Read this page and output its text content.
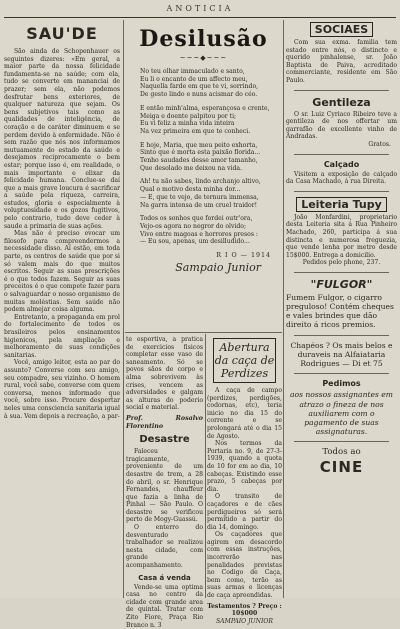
ANOTICIA
SAU'DE

São ainda de Schopenhauer os seguintes dizeres: «Em geral, a maior parte da nossa felicidade fundamenta-se na saúde; com ela, tudo se converte em mananciai de prazer; sem ela, não podemos desfrutar bens exteriores, de qualquer natureza que sejam. Os bens subjetivos tais como as qualidades de inteligência, de coração e de caráter diminuem e se perdem devido à enfermidade. Não é sem razão que nós nos informamos mutuamente do estado da saúde e desejamos reciprocamente o bem estar; porque isso é, em realidade, o mais importante e elixar da felicidade humana. Conclue-se daí que a mais grave loucura é sacrificar a saúde pela riqueza, carreira, estudos, gloria e especialmente à voluptuosidade e os gozos fugitivos, pelo contrario, tudo deve ceder à saude a primaria de suas ações.

Mas não é preciso evocar um filosofo para compreendermos a necessidade disso. Aí estão, em toda parte, os centros de saúde que por si só valem mais do que muitos escritos. Seguir as suas prescrições é o que todos fazem. Seguir as suas preceitos é o que compete fazer para o salvaguardar o nosso organismo de muitas moléstias. Sem saúde não podem almejar coisa alguma.

Entretanto, a propaganda em prol do fortalecimento de todos os brasileiros pelos ensinamentos higienicos, pela ampliação e melhoramento de suas condições sanitarias.

Você, amigo leitor, esta ao par do assunto? Converse com seu amigo, seu compadre, seu vizinho. O homem rural, você sabe, converse com quem conversa, menos informado que você, sobre isso. Procure despertar neles uma consciencia sanitaria igual à sua. Vem depois a recreação, a par-

Desilusão
~~~◆~~~

No teu olhar immaculado e santo,

Eu li o encanto de um affecto meu,

Naquella farde em que te vi, sorrindo,

De gesto lindo e nuns acismar do céo.

E então minh'alma, esperançosa e crente,

Meiga e doente palpitou por ti;

Eu vi feliz a minha vida inteira

Na vez primeira em que te conheci.

E hoje, Maria, que meu peito exhorta,

Sinto que é morta esta paixão florida...

Tenho saudades desse amor tamanho,

Que desolado me deixou na vida.

Ah! tu não sabes, lindo archanjo altivo,

Qual o motivo desta minha dor...

— E, que te vejo, de ternura immensa,

Na garra intensa de um cruel traidor!

Todos os sonhos que fordei outr'ora,

Vejo-os agora no negror do olvido;

Vivo entre magoas e horrores presos :

— Eu sou, apenas, um desilludido...

R I O — 1914
Sampaio Junior

te esportiva, a pratica de exercicios fisicos completar esse vaso de saneamento. Só se povos sãos de corpo e alma sobrevivem às crises, vencem as adversidades e galgam as alturas do poderio social e material.

Prof. Rosalvo Florentino

Desastre

Faleceu tragicamente, proveniente de um desastre de trem, a 28 do abril, o sr. Henrique Fernandes, chauffeur que fazia a linha de Pinhal — São Paulo. O desastre se verificou perto de Mogy-Guassú.

O enterro do desventurado trabalhador se realizou nesta cidade, com grande acompanhamento.

Casa á venda

Vende-se uma optima casa no centro da cidade com grande area de quintal. Tratar com Zito Fiore, Praça Rio Branco n. 3

Abertura da caça de Perdizes

A caça de campo (perdizes, perdigões, codornas, etc), teria inicio no dia 15 do corrente e se prolongará até o dia 15 de Agosto.

Nos termos da Portaria no. 9, de 27-3-1939, quando a quota de 10 for em ao dia, 10 cabeças. Existindo esse prazo, 5 cabeças por dia.

O transito de caçadores e de cães perdigueiros só será permitido a partir do dia 14, domingo.

Os caçadores que agirem em desacordo com essas instruções, incorrerão nas penalidades previstas no Codigo de Caça, bem como, terão as suas armas e licenças de caça apreendidas.

Testamentos ? Preço : 10$000

SAMPAIO JUNIOR

SOCIAES

Com sua exma. familia tem estado entre nós, o distincto e querido pinhalense, sr. João Baptista de Paiva, acreditado commerciante, residente em São Paulo.

Gentileza

O sr. Luiz Cyriaco Ribeiro teve a gentileza de nos offertar um garrafão de excellente vinho de Andradas.

Gratos.

Calçado

Visitem a exposição de calçado da Casa Machado, á rua Direita.

Leiteria Tupy

João Monfardini, proprietario desta Leiteria sita á Rua Pinheiro Machado, 260, participa á sua distincta e numerosa freguezia, que vende lenha por metro desde 15$000. Entrega a domicilio.

Pedidos pelo phone, 237.

"FULGOR"

Fumem Fulgor, o cigarro preguloso! Contém cheques e vales brindes que dão direito á ricos premios.

Chapéos ? Os mais belos e duraveis na Alfaiataria Rodrigues — Di et 75

Pedimos

aos nossos assignantes em atrazo o fineza de nos auxiliarem com o pagamento de suas assignaturas.

Todos ao

CINE
